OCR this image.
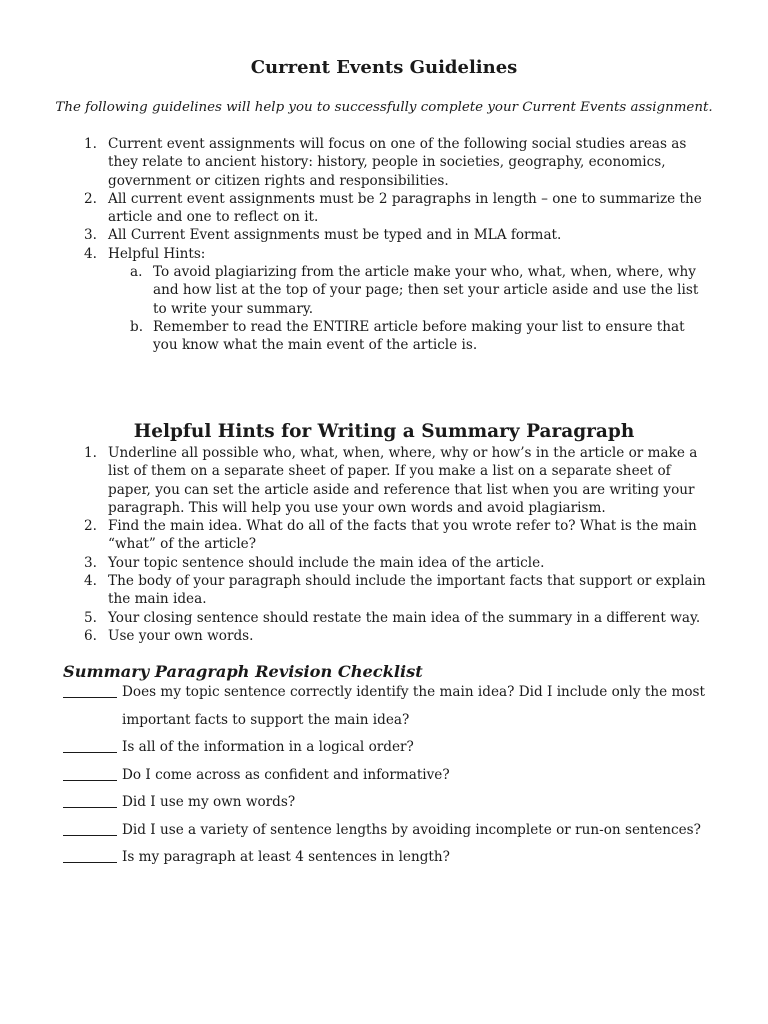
Current Events Guidelines

The following guidelines will help you to successfully complete your Current Events assignment.

1. Current event assignments will focus on one of the following social studies areas as they relate to ancient history: history, people in societies, geography, economics, government or citizen rights and responsibilities.
2. All current event assignments must be 2 paragraphs in length – one to summarize the article and one to reflect on it.
3. All Current Event assignments must be typed and in MLA format.
4. Helpful Hints:
a. To avoid plagiarizing from the article make your who, what, when, where, why and how list at the top of your page; then set your article aside and use the list to write your summary.
b. Remember to read the ENTIRE article before making your list to ensure that you know what the main event of the article is.
Helpful Hints for Writing a Summary Paragraph
1. Underline all possible who, what, when, where, why or how’s in the article or make a list of them on a separate sheet of paper. If you make a list on a separate sheet of paper, you can set the article aside and reference that list when you are writing your paragraph. This will help you use your own words and avoid plagiarism.
2. Find the main idea. What do all of the facts that you wrote refer to? What is the main “what” of the article?
3. Your topic sentence should include the main idea of the article.
4. The body of your paragraph should include the important facts that support or explain the main idea.
5. Your closing sentence should restate the main idea of the summary in a different way.
6. Use your own words.
Summary Paragraph Revision Checklist
Does my topic sentence correctly identify the main idea? Did I include only the most
important facts to support the main idea?
Is all of the information in a logical order?
Do I come across as confident and informative?
Did I use my own words?
Did I use a variety of sentence lengths by avoiding incomplete or run-on sentences?
Is my paragraph at least 4 sentences in length?
